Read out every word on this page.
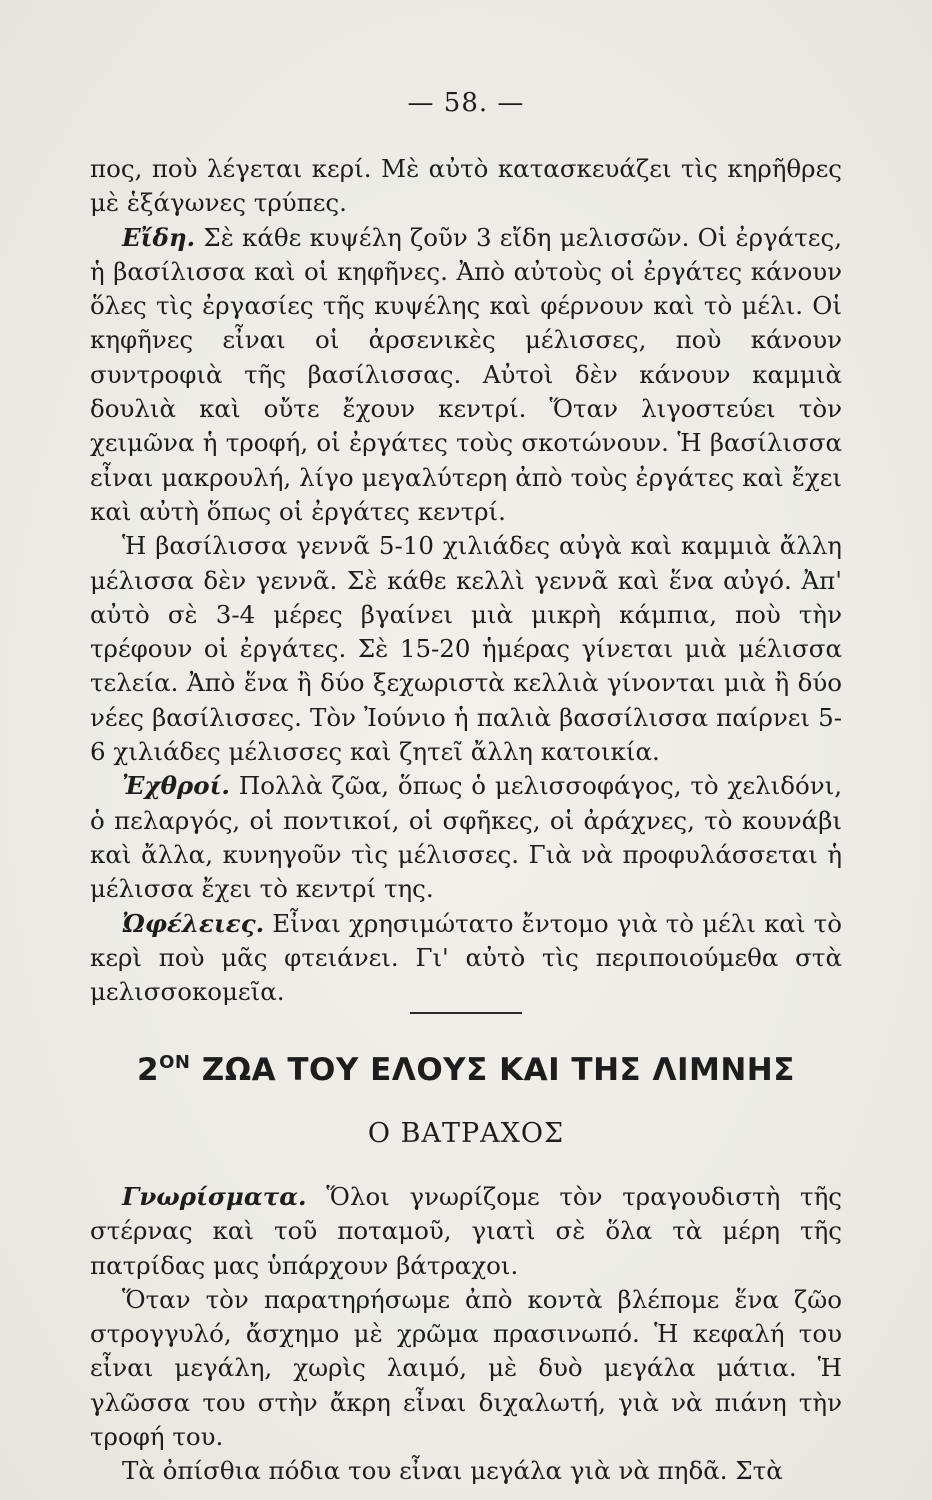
— 58. —

πος, ποὺ λέγεται κερί. Μὲ αὐτὸ κατασκευάζει τὶς κηρῆθρες μὲ ἑξάγωνες τρύπες.

Εἴδη. Σὲ κάθε κυψέλη ζοῦν 3 εἴδη μελισσῶν. Οἱ ἐργάτες, ἡ βασίλισσα καὶ οἱ κηφῆνες. Ἀπὸ αὐτοὺς οἱ ἐργάτες κάνουν ὅλες τὶς ἐργασίες τῆς κυψέλης καὶ φέρνουν καὶ τὸ μέλι. Οἱ κηφῆνες εἶναι οἱ ἀρσενικὲς μέλισσες, ποὺ κάνουν συντροφιὰ τῆς βασίλισσας. Αὐτοὶ δὲν κάνουν καμμιὰ δουλιὰ καὶ οὔτε ἔχουν κεντρί. Ὅταν λιγοστεύει τὸν χειμῶνα ἡ τροφή, οἱ ἐργάτες τοὺς σκοτώνουν. Ἡ βασίλισσα εἶναι μακρουλή, λίγο μεγαλύτερη ἀπὸ τοὺς ἐργάτες καὶ ἔχει καὶ αὐτὴ ὅπως οἱ ἐργάτες κεντρί.

Ἡ βασίλισσα γεννᾶ 5-10 χιλιάδες αὐγὰ καὶ καμμιὰ ἄλλη μέλισσα δὲν γεννᾶ. Σὲ κάθε κελλὶ γεννᾶ καὶ ἕνα αὐγό. Ἀπ' αὐτὸ σὲ 3-4 μέρες βγαίνει μιὰ μικρὴ κάμπια, ποὺ τὴν τρέφουν οἱ ἐργάτες. Σὲ 15-20 ἡμέρας γίνεται μιὰ μέλισσα τελεία. Ἀπὸ ἕνα ἢ δύο ξεχωριστὰ κελλιὰ γίνονται μιὰ ἢ δύο νέες βασίλισσες. Τὸν Ἰούνιο ἡ παλιὰ βασσίλισσα παίρνει 5-6 χιλιάδες μέλισσες καὶ ζητεῖ ἄλλη κατοικία.

Ἐχθροί. Πολλὰ ζῶα, ὅπως ὁ μελισσοφάγος, τὸ χελιδόνι, ὁ πελαργός, οἱ ποντικοί, οἱ σφῆκες, οἱ ἀράχνες, τὸ κουνάβι καὶ ἄλλα, κυνηγοῦν τὶς μέλισσες. Γιὰ νὰ προφυλάσσεται ἡ μέλισσα ἔχει τὸ κεντρί της.

Ὠφέλειες. Εἶναι χρησιμώτατο ἔντομο γιὰ τὸ μέλι καὶ τὸ κερὶ ποὺ μᾶς φτειάνει. Γι' αὐτὸ τὶς περιποιούμεθα στὰ μελισσοκομεῖα.

$2^{ON}$ ΖΩΑ ΤΟΥ ΕΛΟΥΣ ΚΑΙ ΤΗΣ ΛΙΜΝΗΣ
Ο ΒΑΤΡΑΧΟΣ

Γνωρίσματα. Ὅλοι γνωρίζομε τὸν τραγουδιστὴ τῆς στέρνας καὶ τοῦ ποταμοῦ, γιατὶ σὲ ὅλα τὰ μέρη τῆς πατρίδας μας ὑπάρχουν βάτραχοι.

Ὅταν τὸν παρατηρήσωμε ἀπὸ κοντὰ βλέπομε ἕνα ζῶο στρογγυλό, ἄσχημο μὲ χρῶμα πρασινωπό. Ἡ κεφαλή του εἶναι μεγάλη, χωρὶς λαιμό, μὲ δυὸ μεγάλα μάτια. Ἡ γλῶσσα του στὴν ἄκρη εἶναι διχαλωτή, γιὰ νὰ πιάνη τὴν τροφή του.

Τὰ ὀπίσθια πόδια του εἶναι μεγάλα γιὰ νὰ πηδᾶ. Στὰ
